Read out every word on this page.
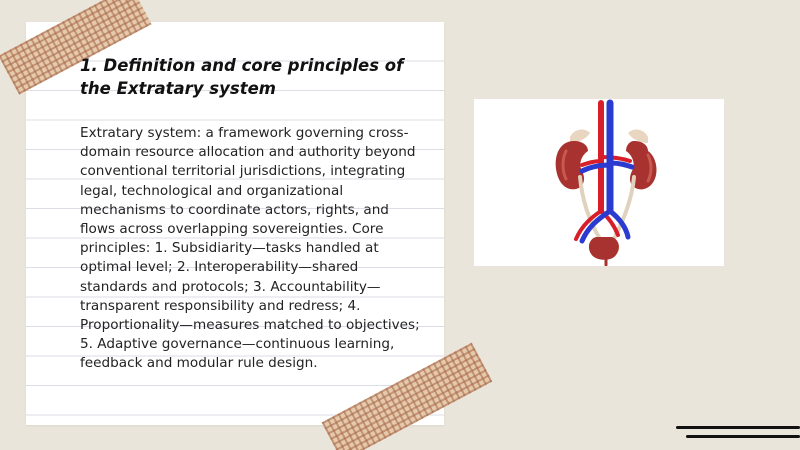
1. Definition and core principles of the Extratary system

Extratary system: a framework governing cross-domain resource allocation and authority beyond conventional territorial jurisdictions, integrating legal, technological and organizational mechanisms to coordinate actors, rights, and flows across overlapping sovereignties. Core principles: 1. Subsidiarity—tasks handled at optimal level; 2. Interoperability—shared standards and protocols; 3. Accountability—transparent responsibility and redress; 4. Proportionality—measures matched to objectives; 5. Adaptive governance—continuous learning, feedback and modular rule design.
